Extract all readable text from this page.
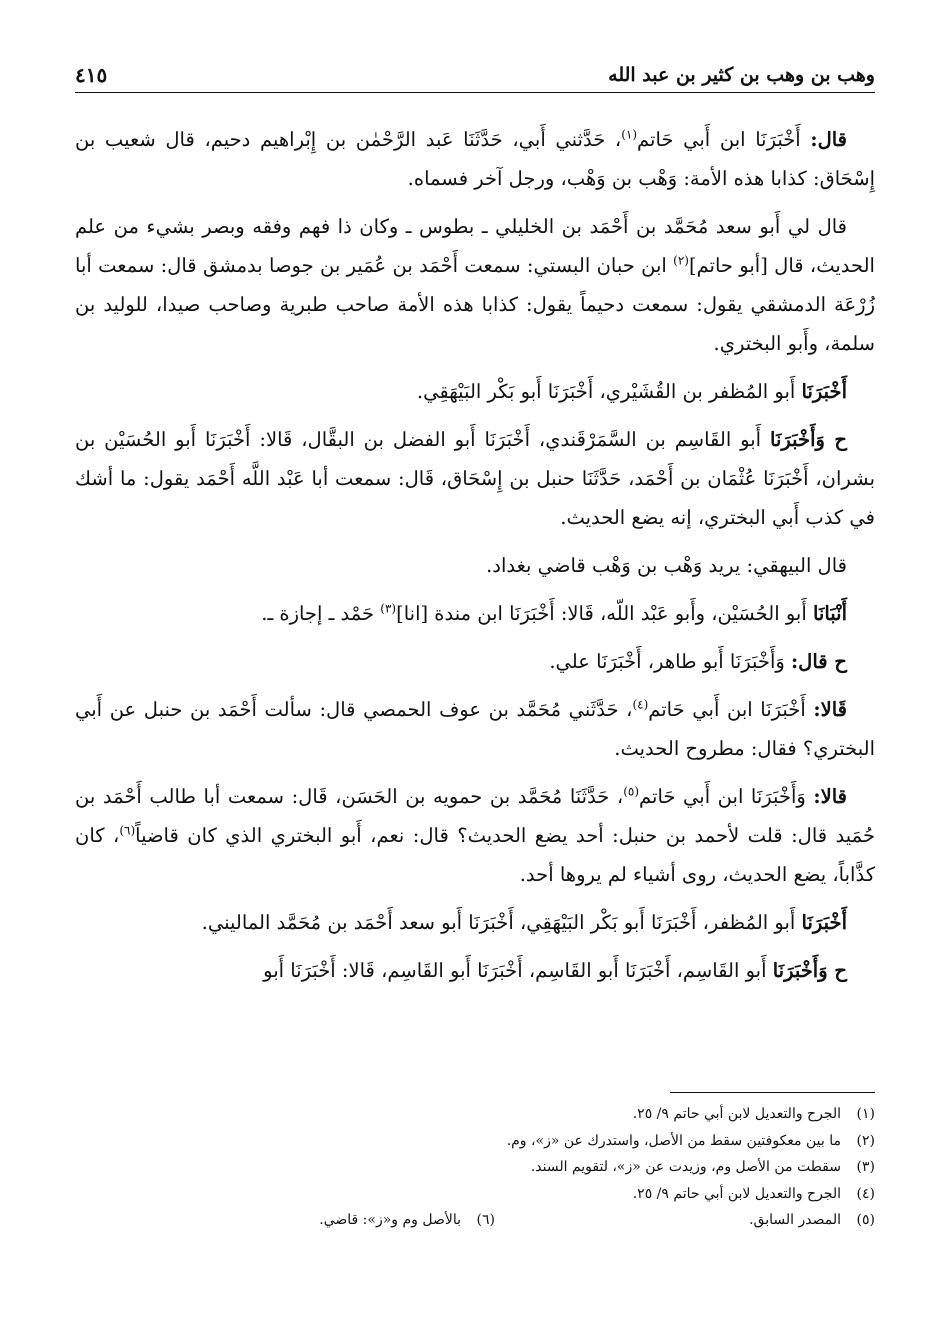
وهب بن وهب بن كثير بن عبد الله
٤١٥

قال: أَخْبَرَنَا ابن أَبي حَاتم$^{(١)}$، حَدَّثني أَبي، حَدَّثَنَا عَبد الرَّحْمٰن بن إِبْراهيم دحيم، قال شعيب بن إِسْحَاق: كذابا هذه الأمة: وَهْب بن وَهْب، ورجل آخر فسماه.

قال لي أَبو سعد مُحَمَّد بن أَحْمَد بن الخليلي ـ بطوس ـ وكان ذا فهم وفقه وبصر بشيء من علم الحديث، قال [أبو حاتم]$^{(٢)}$ ابن حبان البستي: سمعت أَحْمَد بن عُمَير بن جوصا بدمشق قال: سمعت أبا زُرْعَة الدمشقي يقول: سمعت دحيماً يقول: كذابا هذه الأمة صاحب طبرية وصاحب صيدا، للوليد بن سلمة، وأَبو البختري.

أَخْبَرَنَا أَبو المُظفر بن القُشَيْري، أَخْبَرَنَا أَبو بَكْر البَيْهَقِي.

ح وَأَخْبَرَنَا أَبو القَاسِم بن السَّمَرْقَندي، أَخْبَرَنَا أَبو الفضل بن البقَّال، قَالا: أَخْبَرَنَا أَبو الحُسَيْن بن بشران، أَخْبَرَنَا عُثْمَان بن أَحْمَد، حَدَّثَنَا حنبل بن إِسْحَاق، قَال: سمعت أبا عَبْد اللَّه أَحْمَد يقول: ما أشك في كذب أَبي البختري، إنه يضع الحديث.

قال البيهقي: يريد وَهْب بن وَهْب قاضي بغداد.

أَنْبَانَا أَبو الحُسَيْن، وأَبو عَبْد اللّه، قَالا: أَخْبَرَنَا ابن مندة [انا]$^{(٣)}$ حَمْد ـ إجازة ـ.

ح قال: وَأَخْبَرَنَا أَبو طاهر، أَخْبَرَنَا علي.

قَالا: أَخْبَرَنَا ابن أَبي حَاتم$^{(٤)}$، حَدَّثَني مُحَمَّد بن عوف الحمصي قال: سألت أَحْمَد بن حنبل عن أَبي البختري؟ فقال: مطروح الحديث.

قالا: وَأَخْبَرَنَا ابن أَبي حَاتم$^{(٥)}$، حَدَّثَنَا مُحَمَّد بن حمويه بن الحَسَن، قَال: سمعت أبا طالب أَحْمَد بن حُمَيد قال: قلت لأحمد بن حنبل: أحد يضع الحديث؟ قال: نعم، أَبو البختري الذي كان قاضياً$^{(٦)}$، كان كذَّاباً، يضع الحديث، روى أشياء لم يروها أحد.

أَخْبَرَنَا أَبو المُظفر، أَخْبَرَنَا أَبو بَكْر البَيْهَقِي، أَخْبَرَنَا أَبو سعد أَحْمَد بن مُحَمَّد الماليني.

ح وَأَخْبَرَنَا أَبو القَاسِم، أَخْبَرَنَا أَبو القَاسِم، أَخْبَرَنَا أَبو القَاسِم، قَالا: أَخْبَرَنَا أَبو

(١)
الجرح والتعديل لابن أبي حاتم ٩/ ٢٥.
(٢)
ما بين معكوفتين سقط من الأصل، واستدرك عن «ز»، وم.
(٣)
سقطت من الأصل وم، وزيدت عن «ز»، لتقويم السند.
(٤)
الجرح والتعديل لابن أبي حاتم ٩/ ٢٥.
(٥)
المصدر السابق.
(٦)
بالأصل وم و«ز»: قاضي.
